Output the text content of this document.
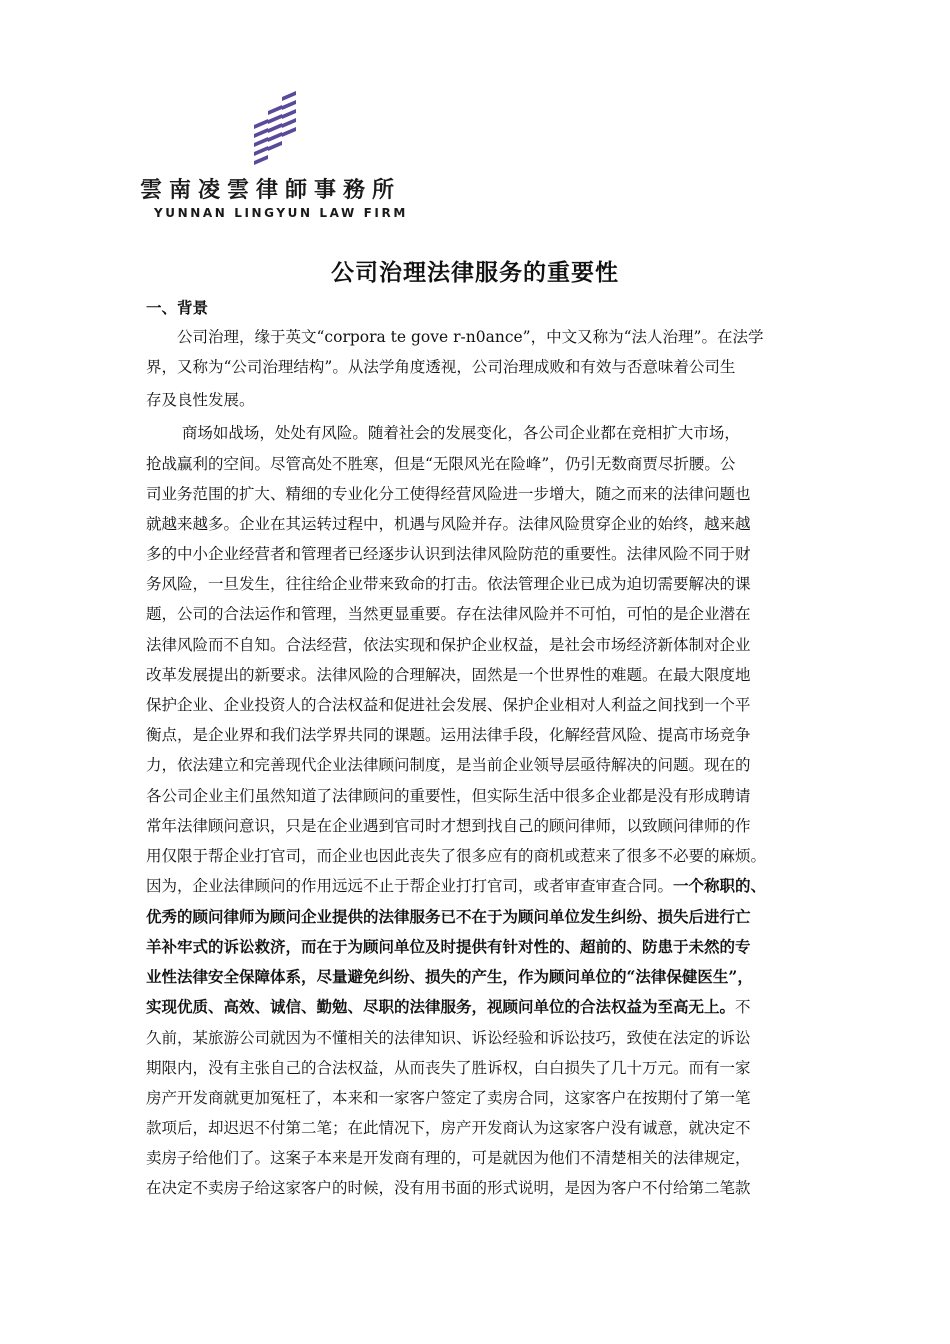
雲南凌雲律師事務所
YUNNAN LINGYUN LAW FIRM
公司治理法律服务的重要性
一、背景
　　公司治理，缘于英文“corpora te gove r-n0ance”，中文又称为“法人治理”。在法学
界，又称为“公司治理结构”。从法学角度透视，公司治理成败和有效与否意味着公司生
存及良性发展。
　　 商场如战场，处处有风险。随着社会的发展变化，各公司企业都在竞相扩大市场，
抢战赢利的空间。尽管高处不胜寒，但是“无限风光在险峰”，仍引无数商贾尽折腰。公
司业务范围的扩大、精细的专业化分工使得经营风险进一步增大，随之而来的法律问题也
就越来越多。企业在其运转过程中，机遇与风险并存。法律风险贯穿企业的始终，越来越
多的中小企业经营者和管理者已经逐步认识到法律风险防范的重要性。法律风险不同于财
务风险，一旦发生，往往给企业带来致命的打击。依法管理企业已成为迫切需要解决的课
题，公司的合法运作和管理，当然更显重要。存在法律风险并不可怕，可怕的是企业潜在
法律风险而不自知。合法经营，依法实现和保护企业权益，是社会市场经济新体制对企业
改革发展提出的新要求。法律风险的合理解决，固然是一个世界性的难题。在最大限度地
保护企业、企业投资人的合法权益和促进社会发展、保护企业相对人利益之间找到一个平
衡点，是企业界和我们法学界共同的课题。运用法律手段，化解经营风险、提高市场竞争
力，依法建立和完善现代企业法律顾问制度，是当前企业领导层亟待解决的问题。现在的
各公司企业主们虽然知道了法律顾问的重要性，但实际生活中很多企业都是没有形成聘请
常年法律顾问意识，只是在企业遇到官司时才想到找自己的顾问律师，以致顾问律师的作
用仅限于帮企业打官司，而企业也因此丧失了很多应有的商机或惹来了很多不必要的麻烦。
因为，企业法律顾问的作用远远不止于帮企业打打官司，或者审查审查合同。一个称职的、
优秀的顾问律师为顾问企业提供的法律服务已不在于为顾问单位发生纠纷、损失后进行亡
羊补牢式的诉讼救济，而在于为顾问单位及时提供有针对性的、超前的、防患于未然的专
业性法律安全保障体系，尽量避免纠纷、损失的产生，作为顾问单位的“法律保健医生”，
实现优质、高效、诚信、勤勉、尽职的法律服务，视顾问单位的合法权益为至高无上。不
久前，某旅游公司就因为不懂相关的法律知识、诉讼经验和诉讼技巧，致使在法定的诉讼
期限内，没有主张自己的合法权益，从而丧失了胜诉权，白白损失了几十万元。而有一家
房产开发商就更加冤枉了，本来和一家客户签定了卖房合同，这家客户在按期付了第一笔
款项后，却迟迟不付第二笔；在此情况下，房产开发商认为这家客户没有诚意，就决定不
卖房子给他们了。这案子本来是开发商有理的，可是就因为他们不清楚相关的法律规定，
在决定不卖房子给这家客户的时候，没有用书面的形式说明，是因为客户不付给第二笔款
